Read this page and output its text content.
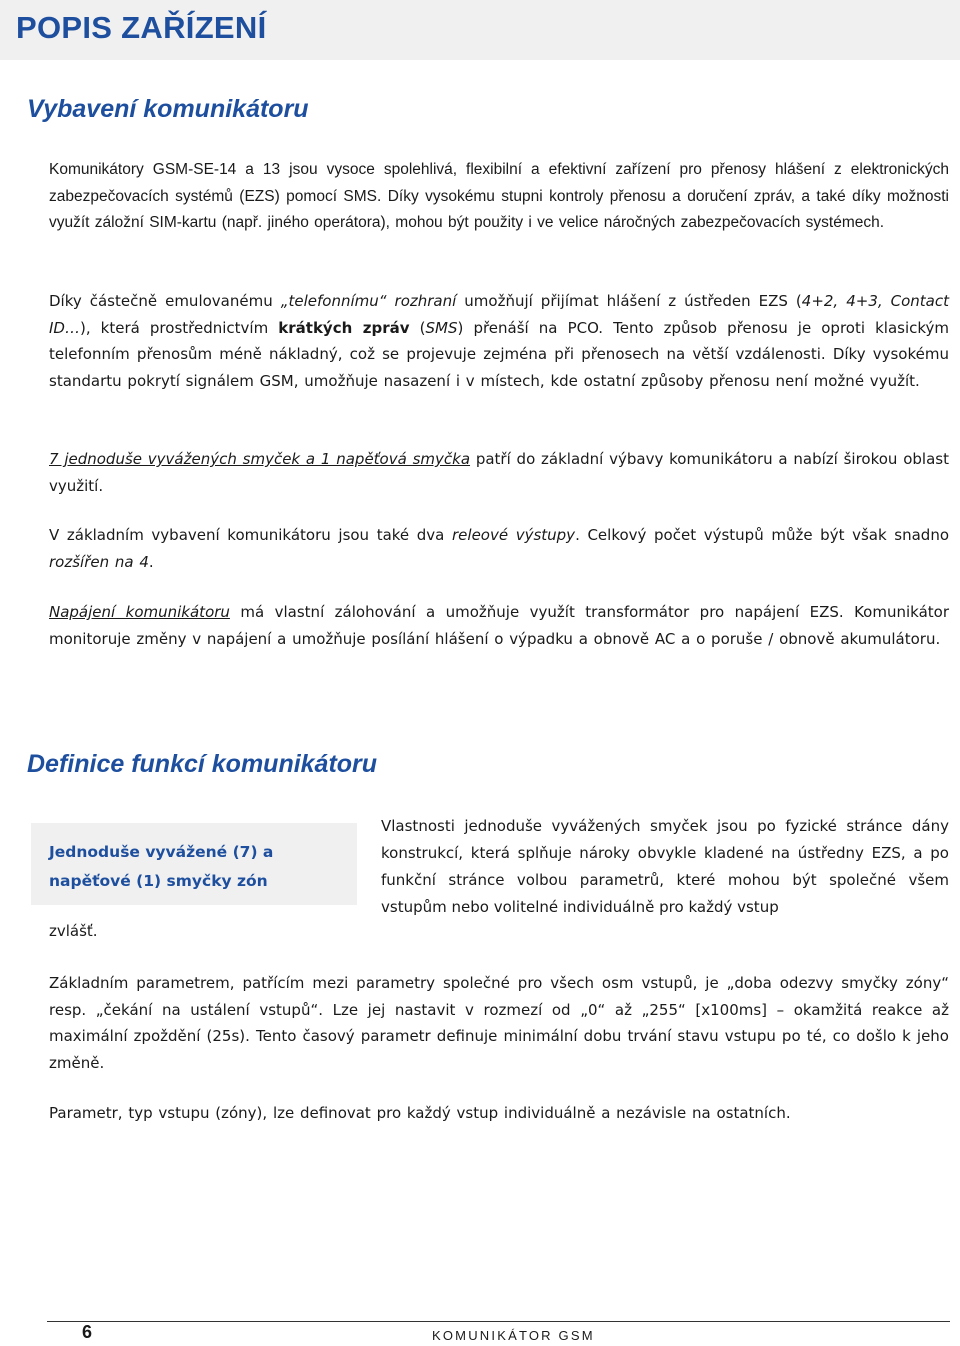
POPIS ZAŘÍZENÍ
Vybavení komunikátoru

Komunikátory GSM-SE-14 a 13 jsou vysoce spolehlivá, flexibilní a efektivní zařízení pro přenosy hlášení z elektronických zabezpečovacích systémů (EZS) pomocí SMS. Díky vysokému stupni kontroly přenosu a doručení zpráv, a také díky možnosti využít záložní SIM-kartu (např. jiného operátora), mohou být použity i ve velice náročných zabezpečovacích systémech.

Díky částečně emulovanému „telefonnímu“ rozhraní umožňují přijímat hlášení z ústředen EZS (4+2, 4+3, Contact ID…), která prostřednictvím krátkých zpráv (SMS) přenáší na PCO. Tento způsob přenosu je oproti klasickým telefonním přenosům méně nákladný, což se projevuje zejména při přenosech na větší vzdálenosti. Díky vysokému standartu pokrytí signálem GSM, umožňuje nasazení i v místech, kde ostatní způsoby přenosu není možné využít.

7 jednoduše vyvážených smyček a 1 napěťová smyčka patří do základní výbavy komunikátoru a nabízí širokou oblast využití.

V základním vybavení komunikátoru jsou také dva releové výstupy. Celkový počet výstupů může být však snadno rozšířen na 4.

Napájení komunikátoru má vlastní zálohování a umožňuje využít transformátor pro napájení EZS. Komunikátor monitoruje změny v napájení a umožňuje posílání hlášení o výpadku a obnově AC a o poruše / obnově akumulátoru.

Definice funkcí komunikátoru

Jednoduše vyvážené (7) a
napěťové (1) smyčky zón

Vlastnosti jednoduše vyvážených smyček jsou po fyzické stránce dány konstrukcí, která splňuje nároky obvykle kladené na ústředny EZS, a po funkční stránce volbou parametrů, které mohou být společné všem vstupům nebo volitelné individuálně pro každý vstup

zvlášť.

Základním parametrem, patřícím mezi parametry společné pro všech osm vstupů, je „doba odezvy smyčky zóny“ resp. „čekání na ustálení vstupů“. Lze jej nastavit v rozmezí od „0“ až „255“ [x100ms] – okamžitá reakce až maximální zpoždění (25s). Tento časový parametr definuje minimální dobu trvání stavu vstupu po té, co došlo k jeho změně.

Parametr, typ vstupu (zóny), lze definovat pro každý vstup individuálně a nezávisle na ostatních.

6	KOMUNIKÁTOR GSM
